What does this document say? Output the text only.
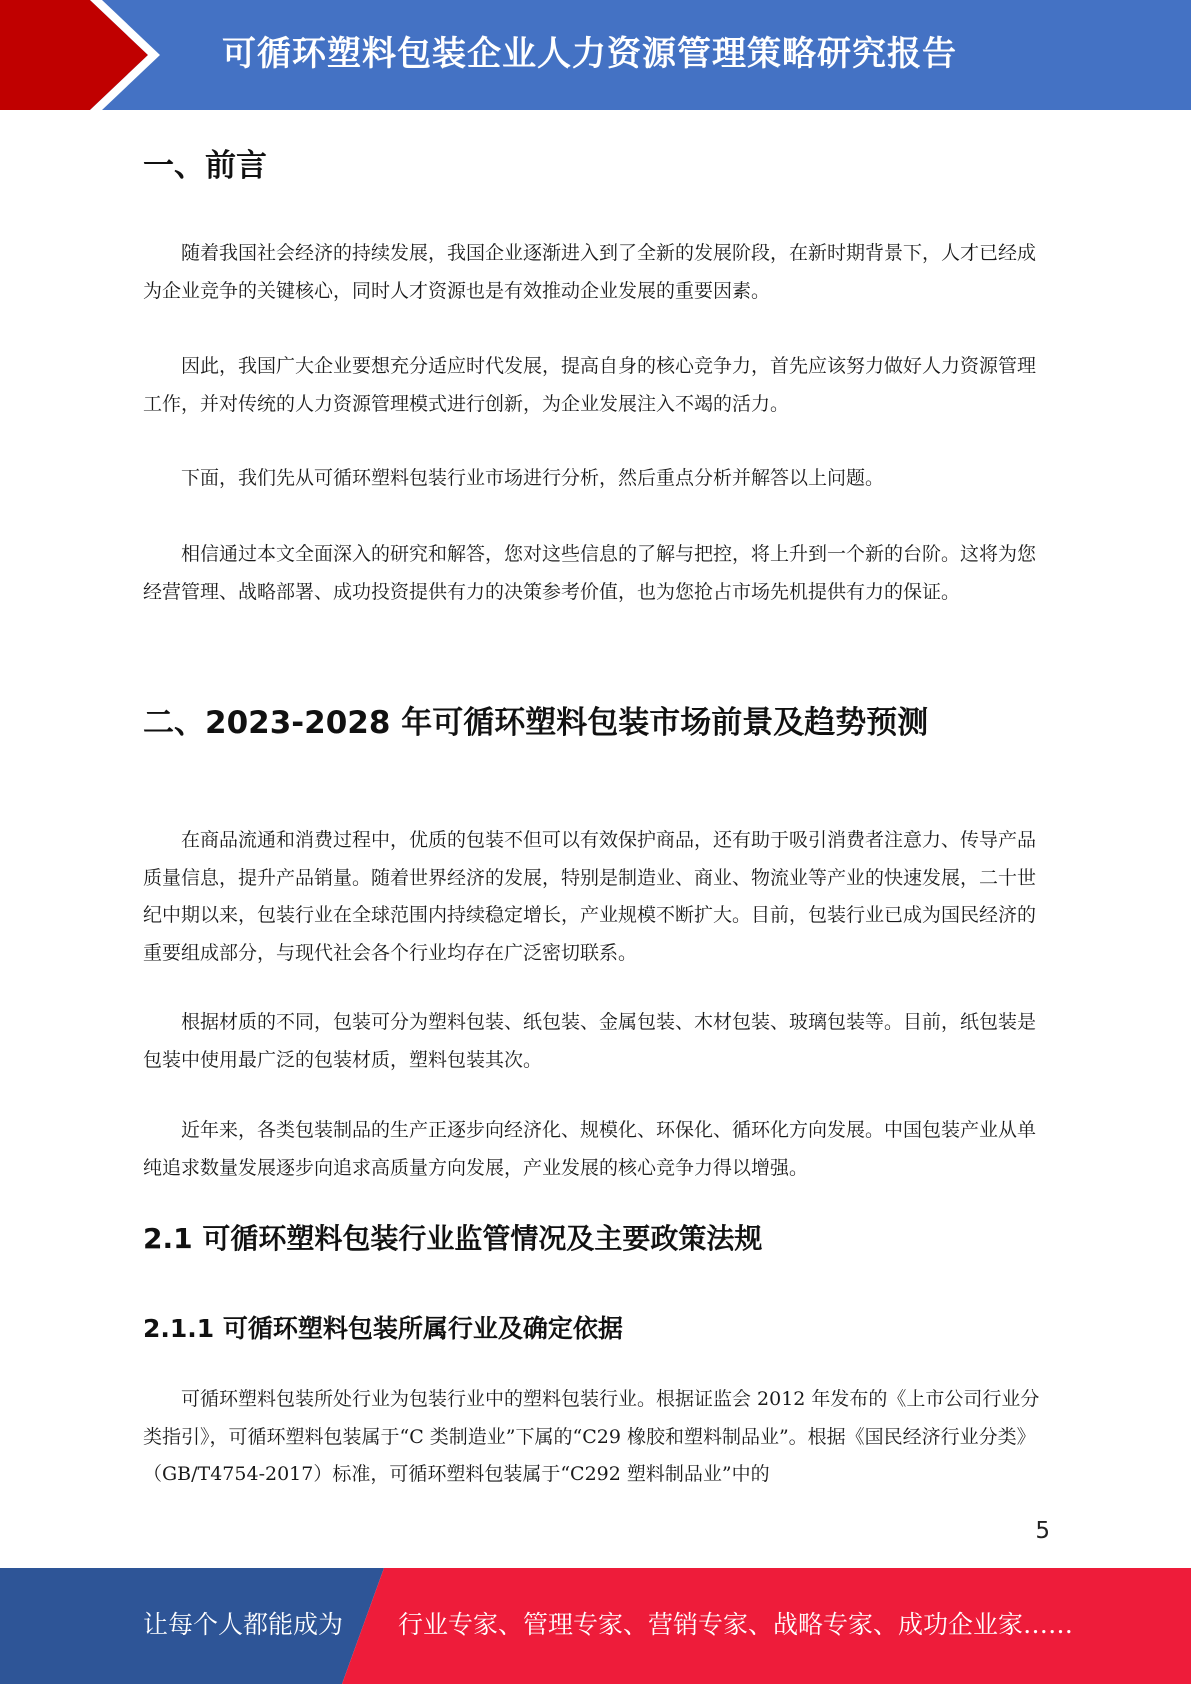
可循环塑料包装企业人力资源管理策略研究报告
一、前言

随着我国社会经济的持续发展，我国企业逐渐进入到了全新的发展阶段，在新时期背景下，人才已经成为企业竞争的关键核心，同时人才资源也是有效推动企业发展的重要因素。

因此，我国广大企业要想充分适应时代发展，提高自身的核心竞争力，首先应该努力做好人力资源管理工作，并对传统的人力资源管理模式进行创新，为企业发展注入不竭的活力。

下面，我们先从可循环塑料包装行业市场进行分析，然后重点分析并解答以上问题。

相信通过本文全面深入的研究和解答，您对这些信息的了解与把控，将上升到一个新的台阶。这将为您经营管理、战略部署、成功投资提供有力的决策参考价值，也为您抢占市场先机提供有力的保证。

二、2023-2028 年可循环塑料包装市场前景及趋势预测

在商品流通和消费过程中，优质的包装不但可以有效保护商品，还有助于吸引消费者注意力、传导产品质量信息，提升产品销量。随着世界经济的发展，特别是制造业、商业、物流业等产业的快速发展，二十世纪中期以来，包装行业在全球范围内持续稳定增长，产业规模不断扩大。目前，包装行业已成为国民经济的重要组成部分，与现代社会各个行业均存在广泛密切联系。

根据材质的不同，包装可分为塑料包装、纸包装、金属包装、木材包装、玻璃包装等。目前，纸包装是包装中使用最广泛的包装材质，塑料包装其次。

近年来，各类包装制品的生产正逐步向经济化、规模化、环保化、循环化方向发展。中国包装产业从单纯追求数量发展逐步向追求高质量方向发展，产业发展的核心竞争力得以增强。

2.1 可循环塑料包装行业监管情况及主要政策法规
2.1.1 可循环塑料包装所属行业及确定依据

可循环塑料包装所处行业为包装行业中的塑料包装行业。根据证监会 2012 年发布的《上市公司行业分类指引》，可循环塑料包装属于“C 类制造业”下属的“C29 橡胶和塑料制品业”。根据《国民经济行业分类》（GB/T4754-2017）标准，可循环塑料包装属于“C292 塑料制品业”中的

5
让每个人都能成为 行业专家、管理专家、营销专家、战略专家、成功企业家……
